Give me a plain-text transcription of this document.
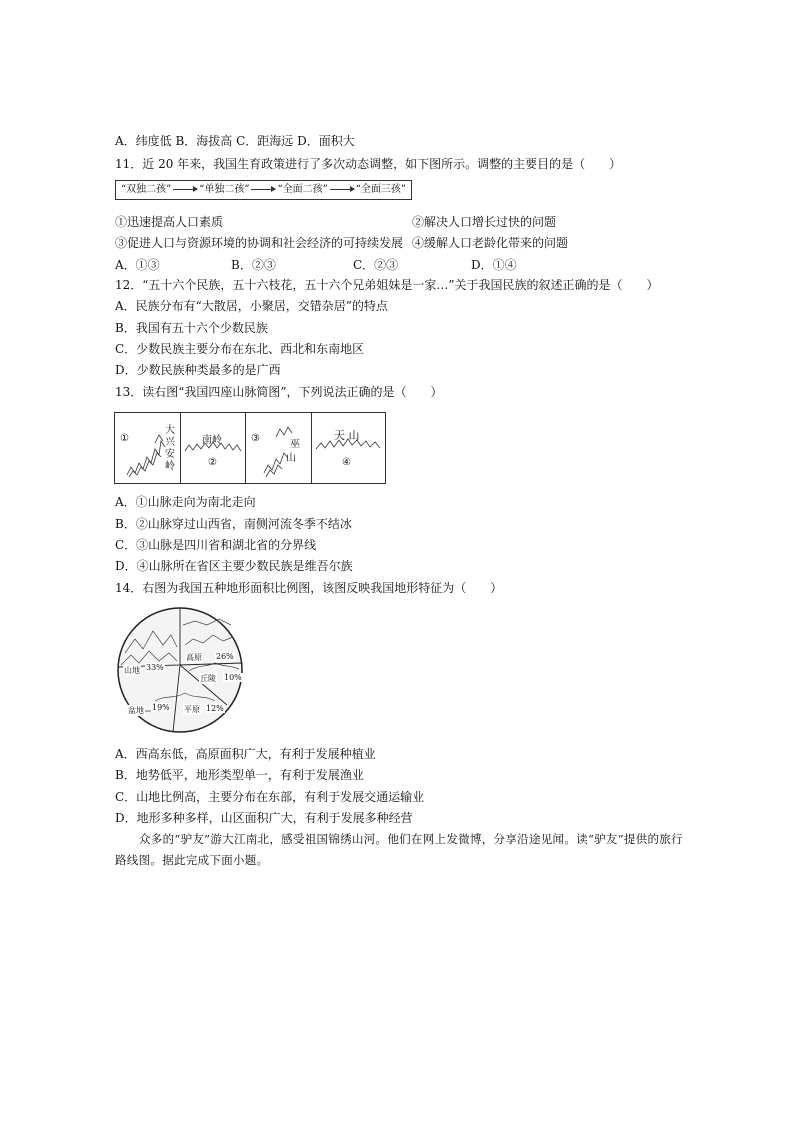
A．纬度低 B．海拔高 C．距海远 D．面积大
11．近 20 年来，我国生育政策进行了多次动态调整，如下图所示。调整的主要目的是（　　）
“双独二孩”	“单独二孩”	“全面二孩”	“全面三孩”
①迅速提高人口素质	②解决人口增长过快的问题
③促进人口与资源环境的协调和社会经济的可持续发展 ④缓解人口老龄化带来的问题
A．①③	B．②③	C．②③	D．①④
12．“五十六个民族，五十六枝花，五十六个兄弟姐妹是一家…”关于我国民族的叙述正确的是（　　）
A．民族分布有“大散居，小聚居，交错杂居”的特点
B．我国有五十六个少数民族
C．少数民族主要分布在东北、西北和东南地区
D．少数民族种类最多的是广西
13．读右图“我国四座山脉简图”，下列说法正确的是（　　）
①
大
兴
安
岭
南岭
②
③
巫
山
天 山
④
A．①山脉走向为南北走向
B．②山脉穿过山西省，南侧河流冬季不结冰
C．③山脉是四川省和湖北省的分界线
D．④山脉所在省区主要少数民族是维吾尔族
14．右图为我国五种地形面积比例图，该图反映我国地形特征为（　　）
山地 33%
高原 26%
丘陵 10%
平原 12%
盆地 19%
A．西高东低，高原面积广大，有利于发展种植业
B．地势低平，地形类型单一，有利于发展渔业
C．山地比例高，主要分布在东部，有利于发展交通运输业
D．地形多种多样，山区面积广大，有利于发展多种经营
众多的“驴友”游大江南北，感受祖国锦绣山河。他们在网上发微博，分享沿途见闻。读“驴友”提供的旅行路线图。据此完成下面小题。
